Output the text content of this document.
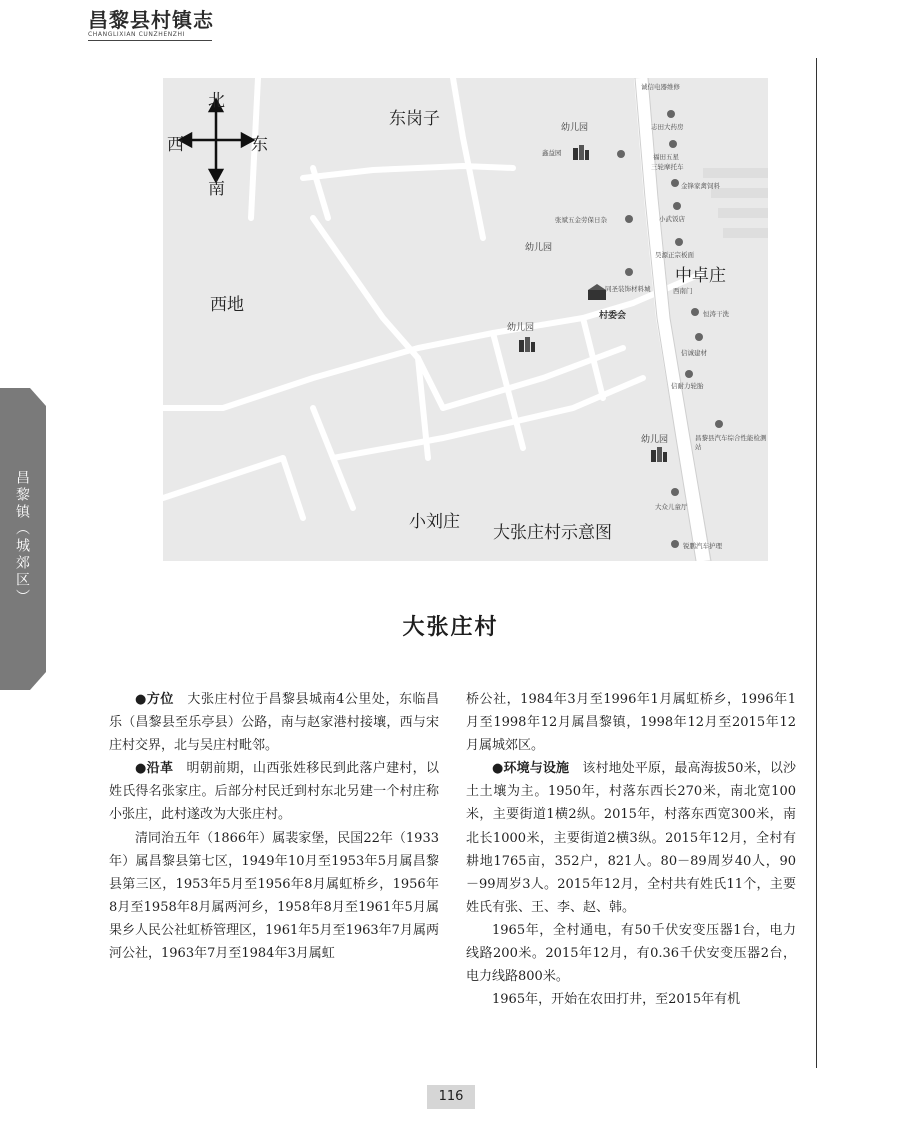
昌黎县村镇志
CHANGLIXIAN CUNZHENZHI
昌黎镇（城郊区）
北
南
西	东
东岗子
西地
中卓庄
小刘庄
大张庄村示意图
幼儿园
幼儿园
幼儿园
幼儿园
村委会
诚信电器维修
志田大药房
福田五星
三轮摩托车
金锋家禽饲料
鑫益园
张斌五金劳保日杂	小武饭店
昊源正宗板面
西南门
同圣装饰材料城
恒涛干洗
信诚建材
信耐力轮胎
昌黎县汽车综合性能检测站
大众儿童厅
锐鹏汽车护理
大张庄村

●方位　大张庄村位于昌黎县城南4公里处，东临昌乐（昌黎县至乐亭县）公路，南与赵家港村接壤，西与宋庄村交界，北与吴庄村毗邻。

●沿革　明朝前期，山西张姓移民到此落户建村，以姓氏得名张家庄。后部分村民迁到村东北另建一个村庄称小张庄，此村遂改为大张庄村。

清同治五年（1866年）属裴家堡，民国22年（1933年）属昌黎县第七区，1949年10月至1953年5月属昌黎县第三区，1953年5月至1956年8月属虹桥乡，1956年8月至1958年8月属两河乡，1958年8月至1961年5月属果乡人民公社虹桥管理区，1961年5月至1963年7月属两河公社，1963年7月至1984年3月属虹

桥公社，1984年3月至1996年1月属虹桥乡，1996年1月至1998年12月属昌黎镇，1998年12月至2015年12月属城郊区。

●环境与设施　该村地处平原，最高海拔50米，以沙土土壤为主。1950年，村落东西长270米，南北宽100米，主要街道1横2纵。2015年，村落东西宽300米，南北长1000米，主要街道2横3纵。2015年12月，全村有耕地1765亩，352户，821人。80－89周岁40人，90－99周岁3人。2015年12月，全村共有姓氏11个，主要姓氏有张、王、李、赵、韩。

1965年，全村通电，有50千伏安变压器1台，电力线路200米。2015年12月，有0.36千伏安变压器2台，电力线路800米。

1965年，开始在农田打井，至2015年有机

116
